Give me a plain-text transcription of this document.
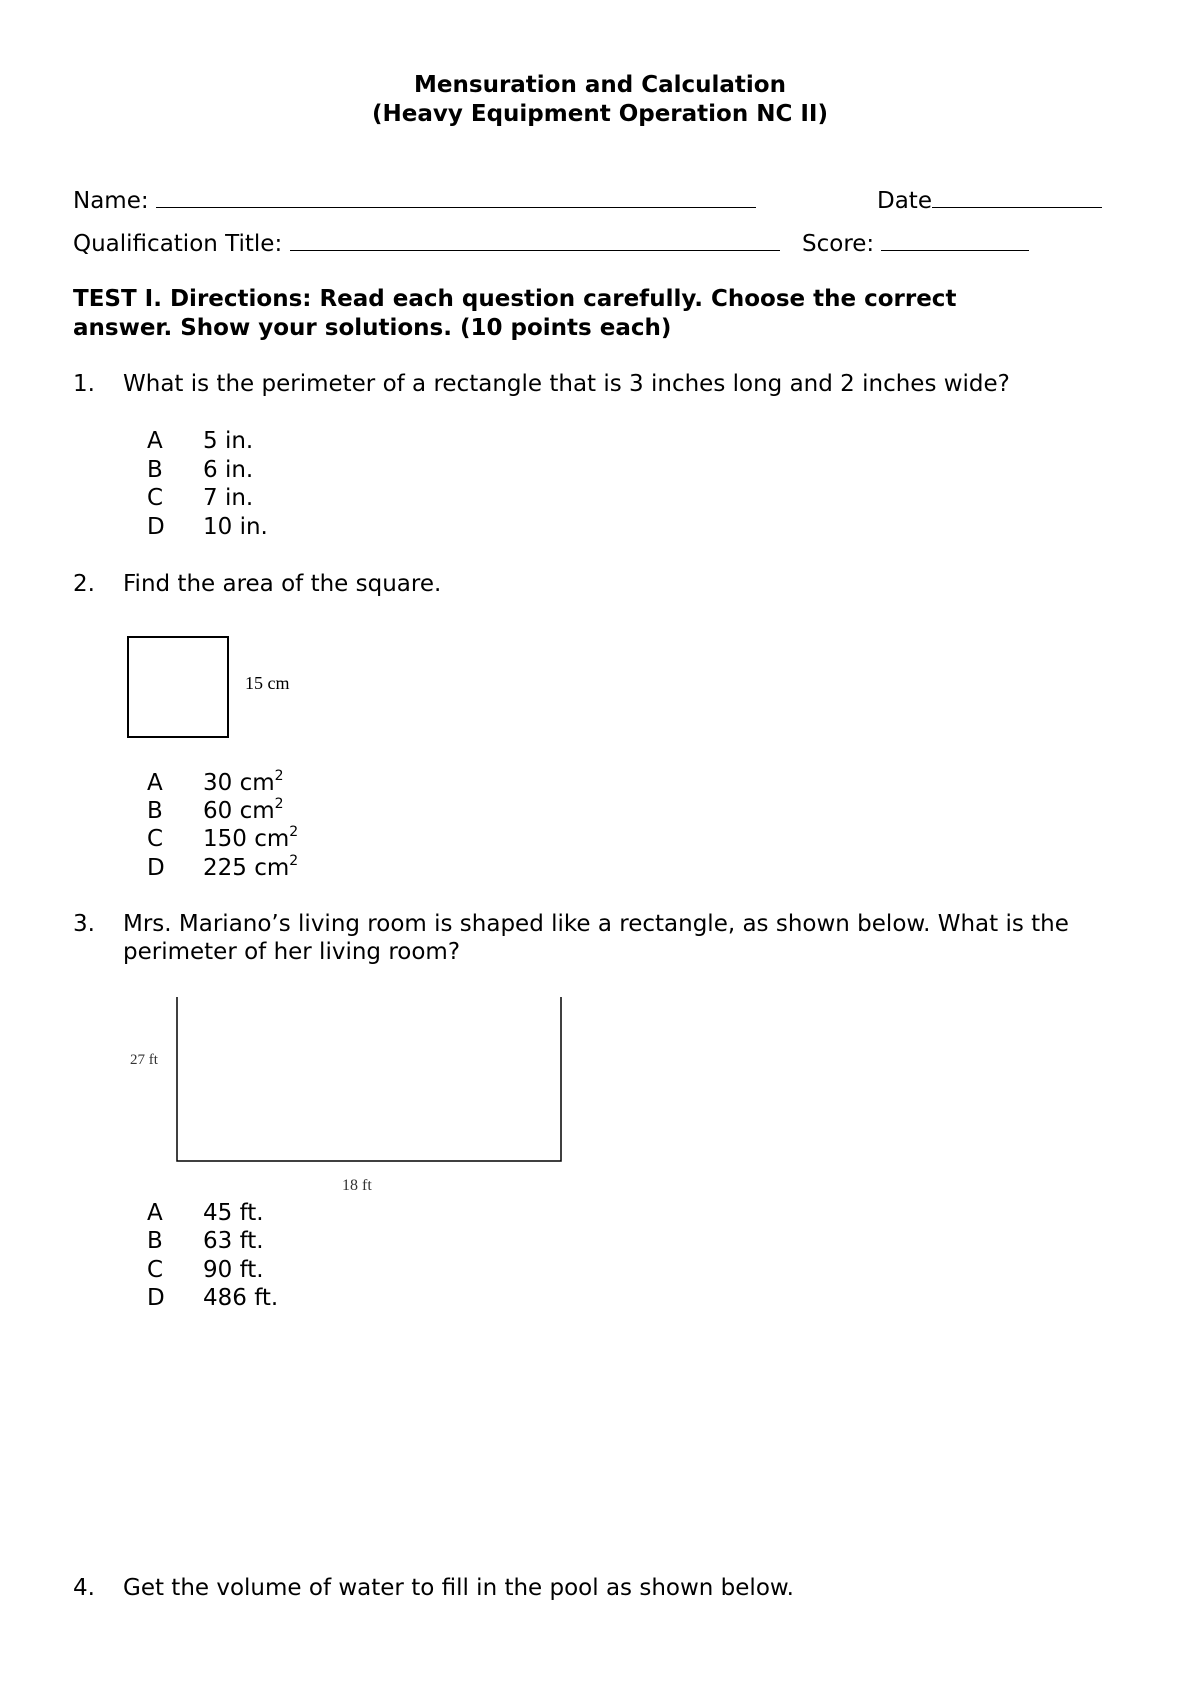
Mensuration and Calculation
(Heavy Equipment Operation NC II)
Name:	Date
Qualification Title:	Score:
TEST I. Directions: Read each question carefully. Choose the correct
answer. Show your solutions. (10 points each)
1. What is the perimeter of a rectangle that is 3 inches long and 2 inches wide?
A 5 in.
B 6 in.
C 7 in.
D 10 in.
2. Find the area of the square.
15 cm
A 30 $cm^2$
B 60 $cm^2$
C 150 $cm^2$
D 225 $cm^2$
3. Mrs. Mariano’s living room is shaped like a rectangle, as shown below. What is the
perimeter of her living room?
27 ft
18 ft
A 45 ft.
B 63 ft.
C 90 ft.
D 486 ft.
4. Get the volume of water to fill in the pool as shown below.
